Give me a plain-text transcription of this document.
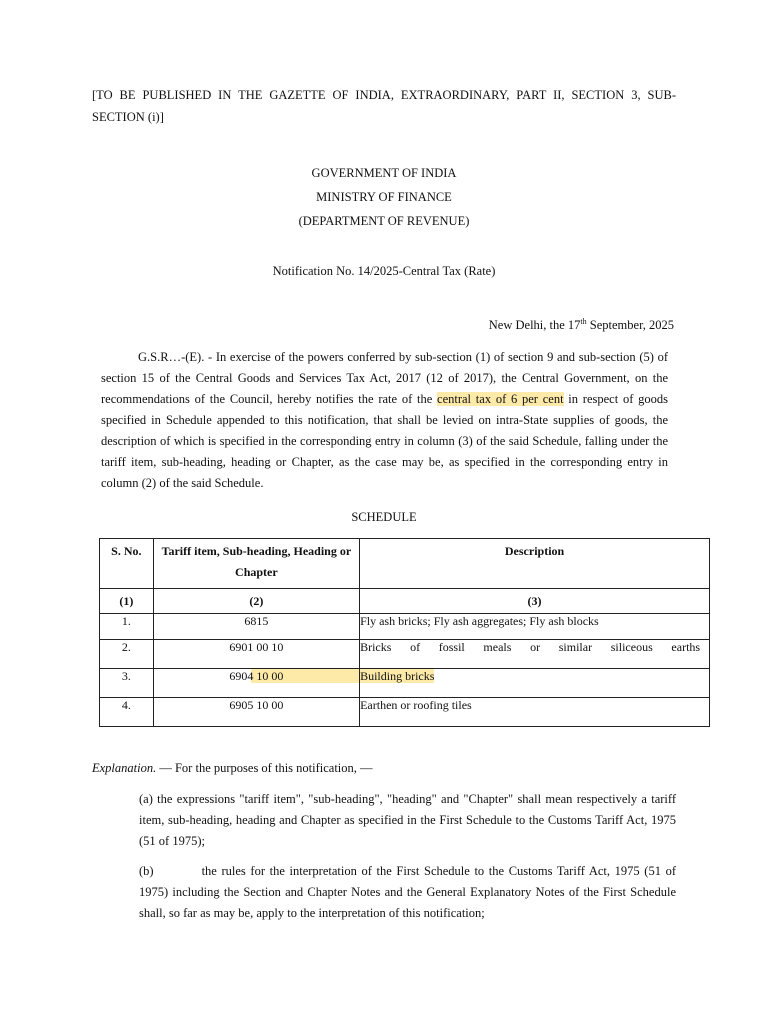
[TO BE PUBLISHED IN THE GAZETTE OF INDIA, EXTRAORDINARY, PART II, SECTION 3, SUB-SECTION (i)]
GOVERNMENT OF INDIA
MINISTRY OF FINANCE
(DEPARTMENT OF REVENUE)
Notification No. 14/2025-Central Tax (Rate)
New Delhi, the 17th September, 2025
G.S.R…-(E). - In exercise of the powers conferred by sub-section (1) of section 9 and sub-section (5) of section 15 of the Central Goods and Services Tax Act, 2017 (12 of 2017), the Central Government, on the recommendations of the Council, hereby notifies the rate of the central tax of 6 per cent in respect of goods specified in Schedule appended to this notification, that shall be levied on intra-State supplies of goods, the description of which is specified in the corresponding entry in column (3) of the said Schedule, falling under the tariff item, sub-heading, heading or Chapter, as the case may be, as specified in the corresponding entry in column (2) of the said Schedule.
SCHEDULE
S. No.	Tariff item, Sub-heading, Heading or Chapter	Description
(1)	(2)	(3)
1.	6815	Fly ash bricks; Fly ash aggregates; Fly ash blocks
2.	6901 00 10	Bricks of fossil meals or similar siliceous earths

3.	6904 10 00	Building bricks
4.	6905 10 00	Earthen or roofing tiles
Explanation. — For the purposes of this notification, —
(a) the expressions "tariff item", "sub-heading", "heading" and "Chapter" shall mean respectively a tariff item, sub-heading, heading and Chapter as specified in the First Schedule to the Customs Tariff Act, 1975 (51 of 1975);
(b)	the rules for the interpretation of the First Schedule to the Customs Tariff Act, 1975 (51 of 1975) including the Section and Chapter Notes and the General Explanatory Notes of the First Schedule shall, so far as may be, apply to the interpretation of this notification;
